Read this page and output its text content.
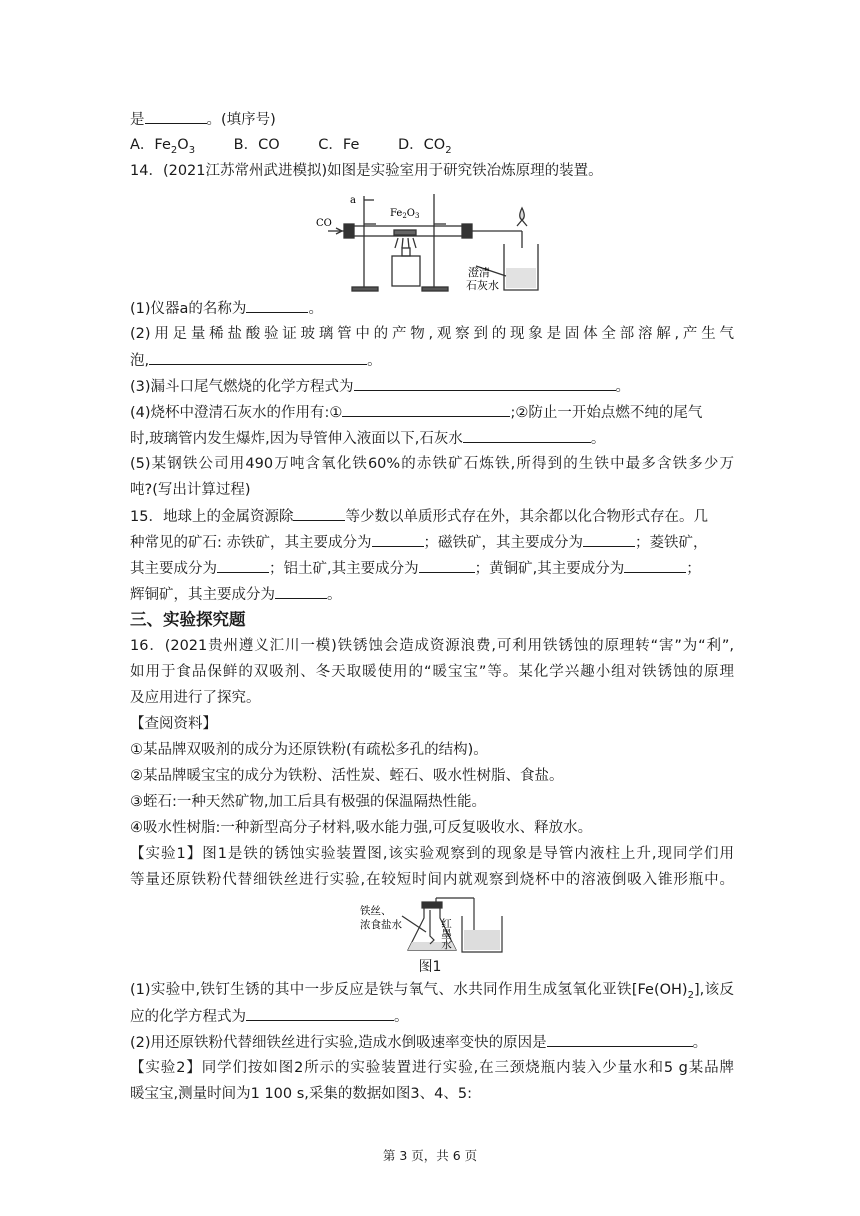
是	。(填序号)
A．$Fe_2O_3$	B．CO	C．Fe	D．$CO_2$
14．(2021江苏常州武进模拟)如图是实验室用于研究铁冶炼原理的装置。
a
CO
$Fe_2O_3$
澄清
石灰水
(1)仪器a的名称为	。
(2)用足量稀盐酸验证玻璃管中的产物,观察到的现象是固体全部溶解,产生气
泡,	。
(3)漏斗口尾气燃烧的化学方程式为	。
(4)烧杯中澄清石灰水的作用有:①	;②防止一开始点燃不纯的尾气
时,玻璃管内发生爆炸,因为导管伸入液面以下,石灰水	。
(5)某钢铁公司用490万吨含氧化铁60%的赤铁矿石炼铁,所得到的生铁中最多含铁多少万
吨?(写出计算过程)
15．地球上的金属资源除	等少数以单质形式存在外，其余都以化合物形式存在。几
种常见的矿石: 赤铁矿，其主要成分为	；磁铁矿，其主要成分为	；菱铁矿，
其主要成分为	；铝土矿,其主要成分为	；黄铜矿,其主要成分为	；
辉铜矿，其主要成分为	。
三、实验探究题
16．(2021贵州遵义汇川一模)铁锈蚀会造成资源浪费,可利用铁锈蚀的原理转“害”为“利”,
如用于食品保鲜的双吸剂、冬天取暖使用的“暖宝宝”等。某化学兴趣小组对铁锈蚀的原理
及应用进行了探究。
【查阅资料】
①某品牌双吸剂的成分为还原铁粉(有疏松多孔的结构)。
②某品牌暖宝宝的成分为铁粉、活性炭、蛭石、吸水性树脂、食盐。
③蛭石:一种天然矿物,加工后具有极强的保温隔热性能。
④吸水性树脂:一种新型高分子材料,吸水能力强,可反复吸收水、释放水。
【实验1】图1是铁的锈蚀实验装置图,该实验观察到的现象是导管内液柱上升,现同学们用
等量还原铁粉代替细铁丝进行实验,在较短时间内就观察到烧杯中的溶液倒吸入锥形瓶中。
铁丝、
浓食盐水	红墨水
图1
(1)实验中,铁钉生锈的其中一步反应是铁与氧气、水共同作用生成氢氧化亚铁$[Fe(OH)_2]$,该反
应的化学方程式为	。
(2)用还原铁粉代替细铁丝进行实验,造成水倒吸速率变快的原因是	。
【实验2】同学们按如图2所示的实验装置进行实验,在三颈烧瓶内装入少量水和5 g某品牌
暖宝宝,测量时间为1 100 s,采集的数据如图3、4、5:
第 3 页，共 6 页
